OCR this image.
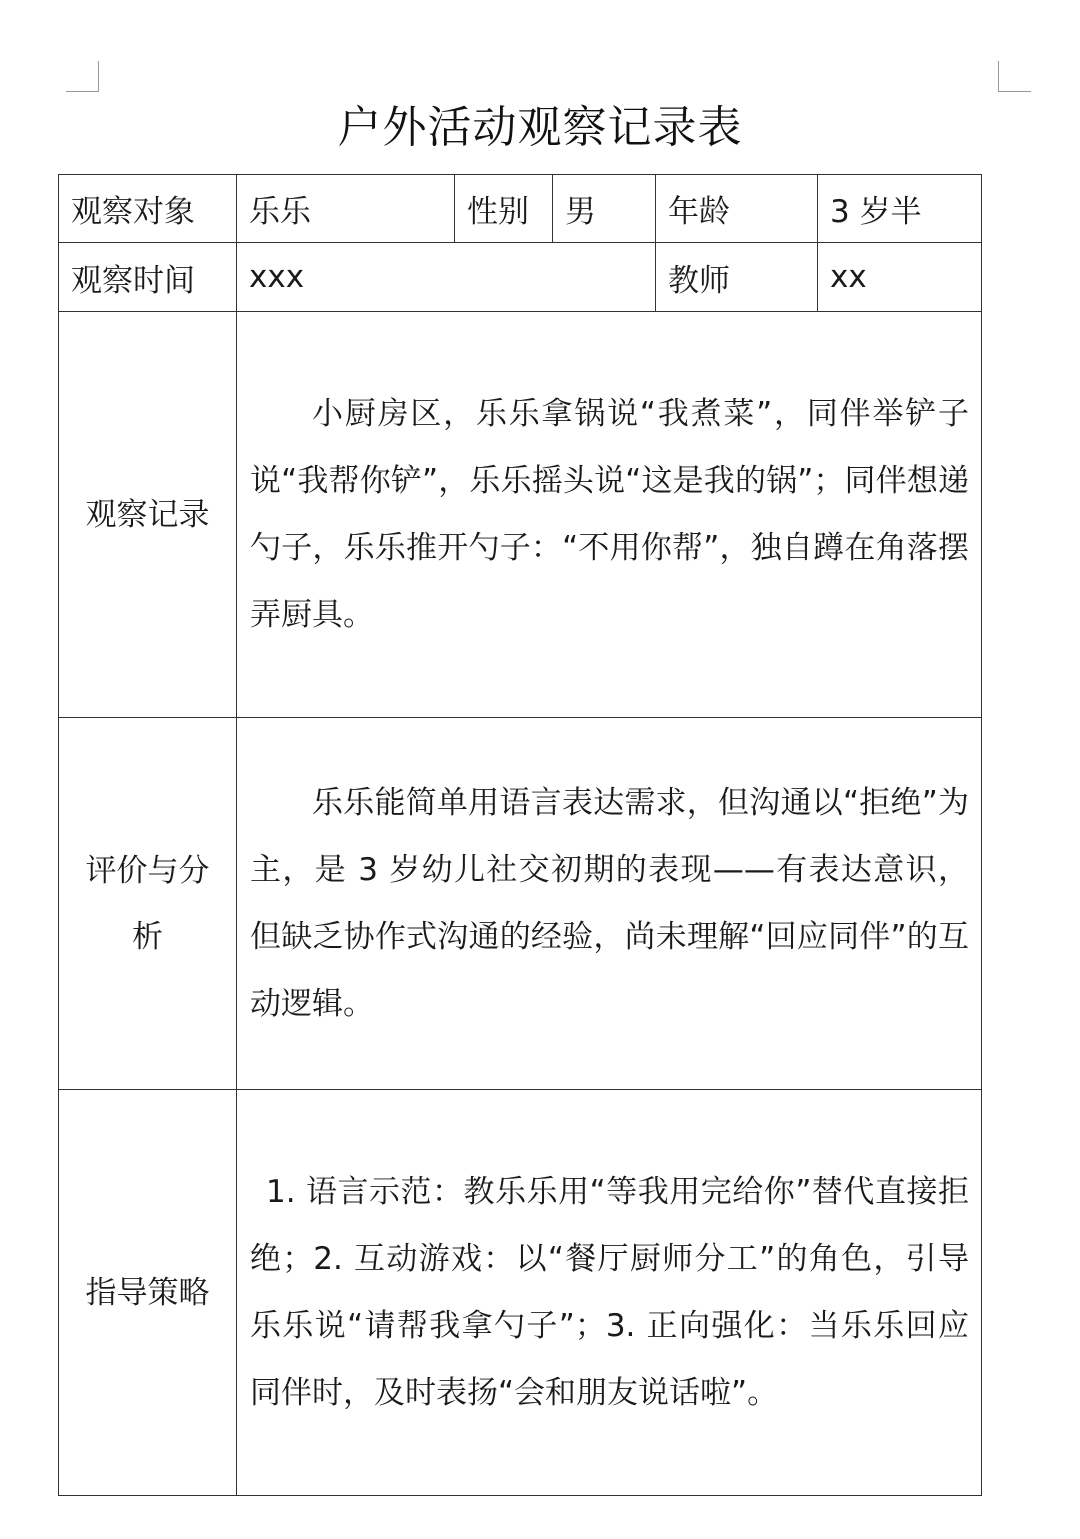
户外活动观察记录表
观察对象	乐乐	性别	男	年龄	3 岁半

观察时间	xxx			教师	xx

观察记录	小厨房区，乐乐拿锅说“我煮菜”，同伴举铲子说“我帮你铲”，乐乐摇头说“这是我的锅”；同伴想递勺子，乐乐推开勺子：“不用你帮”，独自蹲在角落摆弄厨具。				

评价与分析	乐乐能简单用语言表达需求，但沟通以“拒绝”为主，是 3 岁幼儿社交初期的表现——有表达意识，但缺乏协作式沟通的经验，尚未理解“回应同伴”的互动逻辑。				

指导策略	1. 语言示范：教乐乐用“等我用完给你”替代直接拒绝；2. 互动游戏：以“餐厅厨师分工”的角色，引导乐乐说“请帮我拿勺子”；3. 正向强化：当乐乐回应同伴时，及时表扬“会和朋友说话啦”。				
